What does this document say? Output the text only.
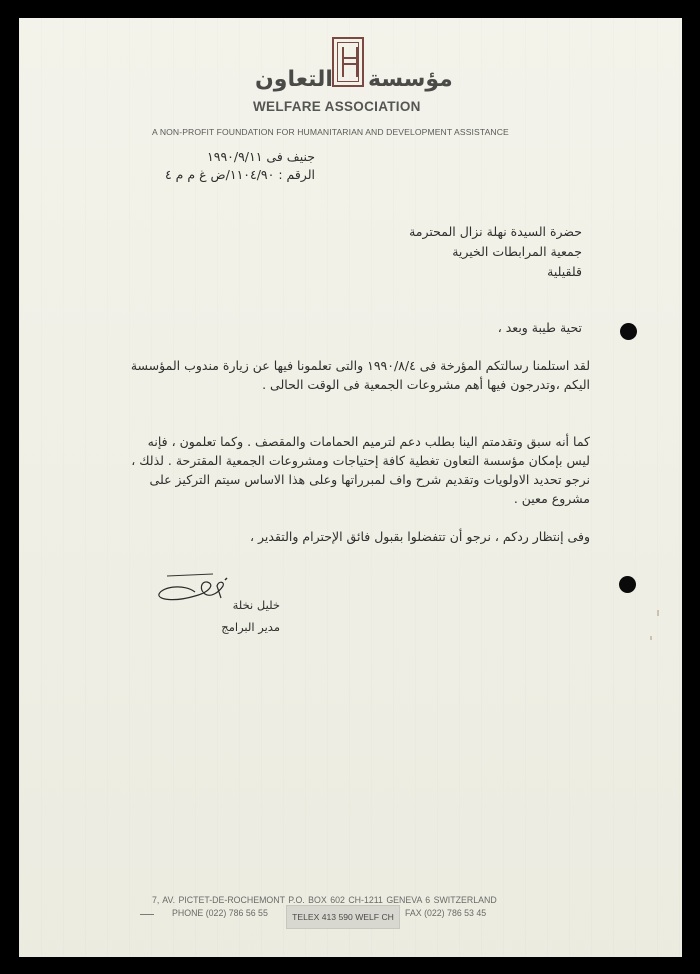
مؤسسة
التعاون
WELFARE ASSOCIATION
A NON-PROFIT FOUNDATION FOR HUMANITARIAN AND DEVELOPMENT ASSISTANCE
جنيف فى ١٩٩٠/٩/١١
الرقم : ١١٠٤/٩٠/ض غ م م ٤
حضرة السيدة نهلة نزال المحترمة
جمعية المرابطات الخيرية
قلقيلية
تحية طيبة وبعد ،
لقد استلمنا رسالتكم المؤرخة فى ١٩٩٠/٨/٤ والتى تعلمونا فيها عن زيارة مندوب المؤسسة اليكم ،وتدرجون فيها أهم مشروعات الجمعية فى الوقت الحالى .
كما أنه سبق وتقدمتم الينا بطلب دعم لترميم الحمامات والمقصف . وكما تعلمون ، فإنه ليس بإمكان مؤسسة التعاون تغطية كافة إحتياجات ومشروعات الجمعية المقترحة . لذلك ، نرجو تحديد الاولويات وتقديم شرح واف لمبرراتها وعلى هذا الاساس سيتم التركيز على مشروع معين .
وفى إنتظار ردكم ، نرجو أن تتفضلوا بقبول فائق الإحترام والتقدير ،
خليل نخلة
مدير البرامج
7, AV. PICTET-DE-ROCHEMONT P.O. BOX 602 CH-1211 GENEVA 6 SWITZERLAND
PHONE (022) 786 56 55	TELEX 413 590 WELF CH	FAX (022) 786 53 45
